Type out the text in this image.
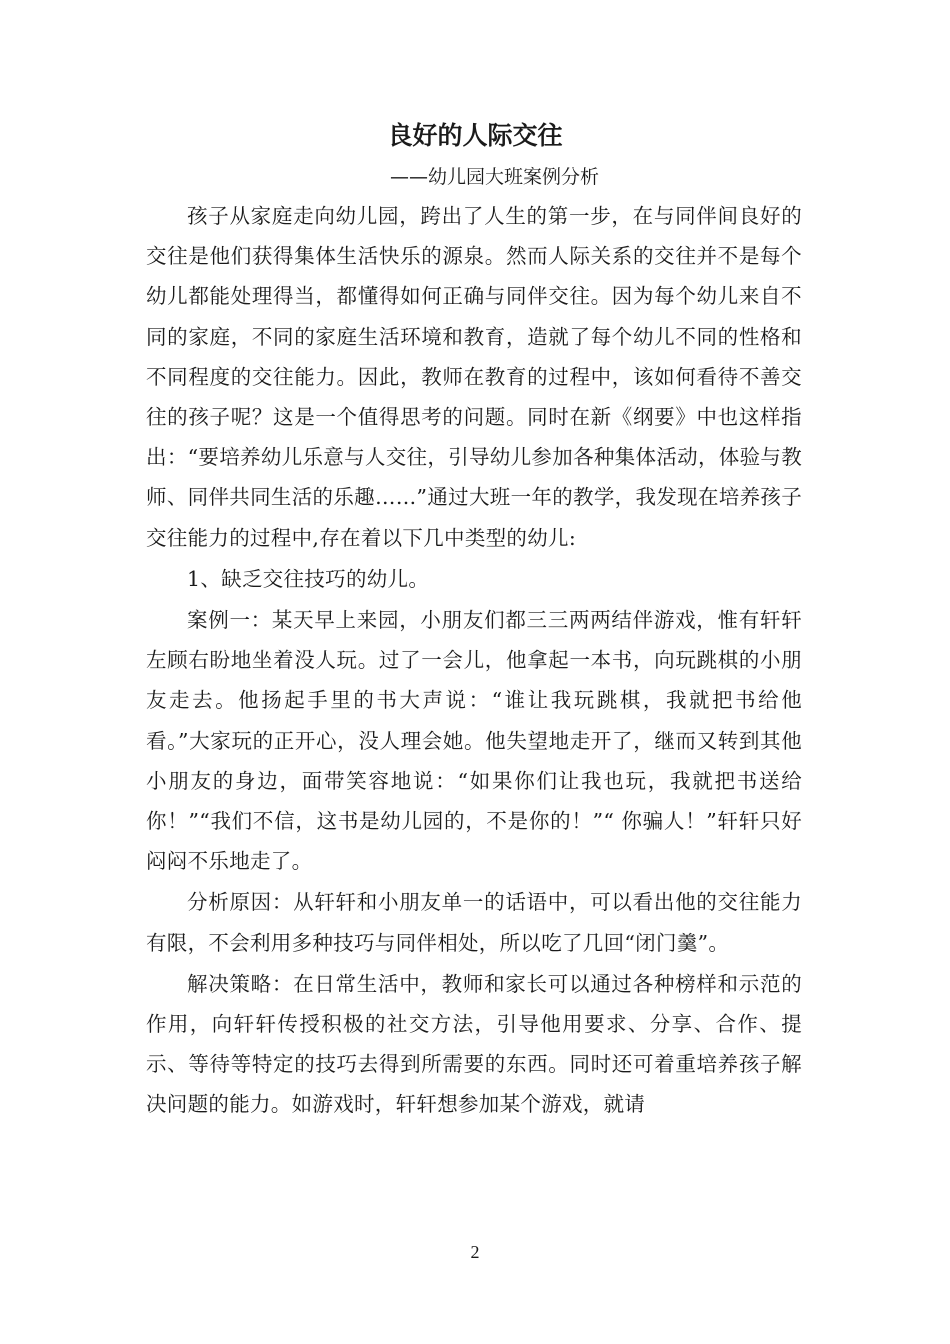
良好的人际交往
——幼儿园大班案例分析

孩子从家庭走向幼儿园，跨出了人生的第一步，在与同伴间良好的交往是他们获得集体生活快乐的源泉。然而人际关系的交往并不是每个幼儿都能处理得当，都懂得如何正确与同伴交往。因为每个幼儿来自不同的家庭，不同的家庭生活环境和教育，造就了每个幼儿不同的性格和不同程度的交往能力。因此，教师在教育的过程中，该如何看待不善交往的孩子呢？这是一个值得思考的问题。同时在新《纲要》中也这样指出：“要培养幼儿乐意与人交往，引导幼儿参加各种集体活动，体验与教师、同伴共同生活的乐趣……”通过大班一年的教学，我发现在培养孩子交往能力的过程中,存在着以下几中类型的幼儿:

1、缺乏交往技巧的幼儿。

案例一：某天早上来园，小朋友们都三三两两结伴游戏，惟有轩轩左顾右盼地坐着没人玩。过了一会儿，他拿起一本书，向玩跳棋的小朋友走去。他扬起手里的书大声说：“谁让我玩跳棋，我就把书给他看。”大家玩的正开心，没人理会她。他失望地走开了，继而又转到其他小朋友的身边，面带笑容地说：“如果你们让我也玩，我就把书送给你！”“我们不信，这书是幼儿园的，不是你的！”“ 你骗人！”轩轩只好闷闷不乐地走了。

分析原因：从轩轩和小朋友单一的话语中，可以看出他的交往能力有限，不会利用多种技巧与同伴相处，所以吃了几回“闭门羹”。

解决策略：在日常生活中，教师和家长可以通过各种榜样和示范的作用，向轩轩传授积极的社交方法，引导他用要求、分享、合作、提示、等待等特定的技巧去得到所需要的东西。同时还可着重培养孩子解决问题的能力。如游戏时，轩轩想参加某个游戏，就请

2
